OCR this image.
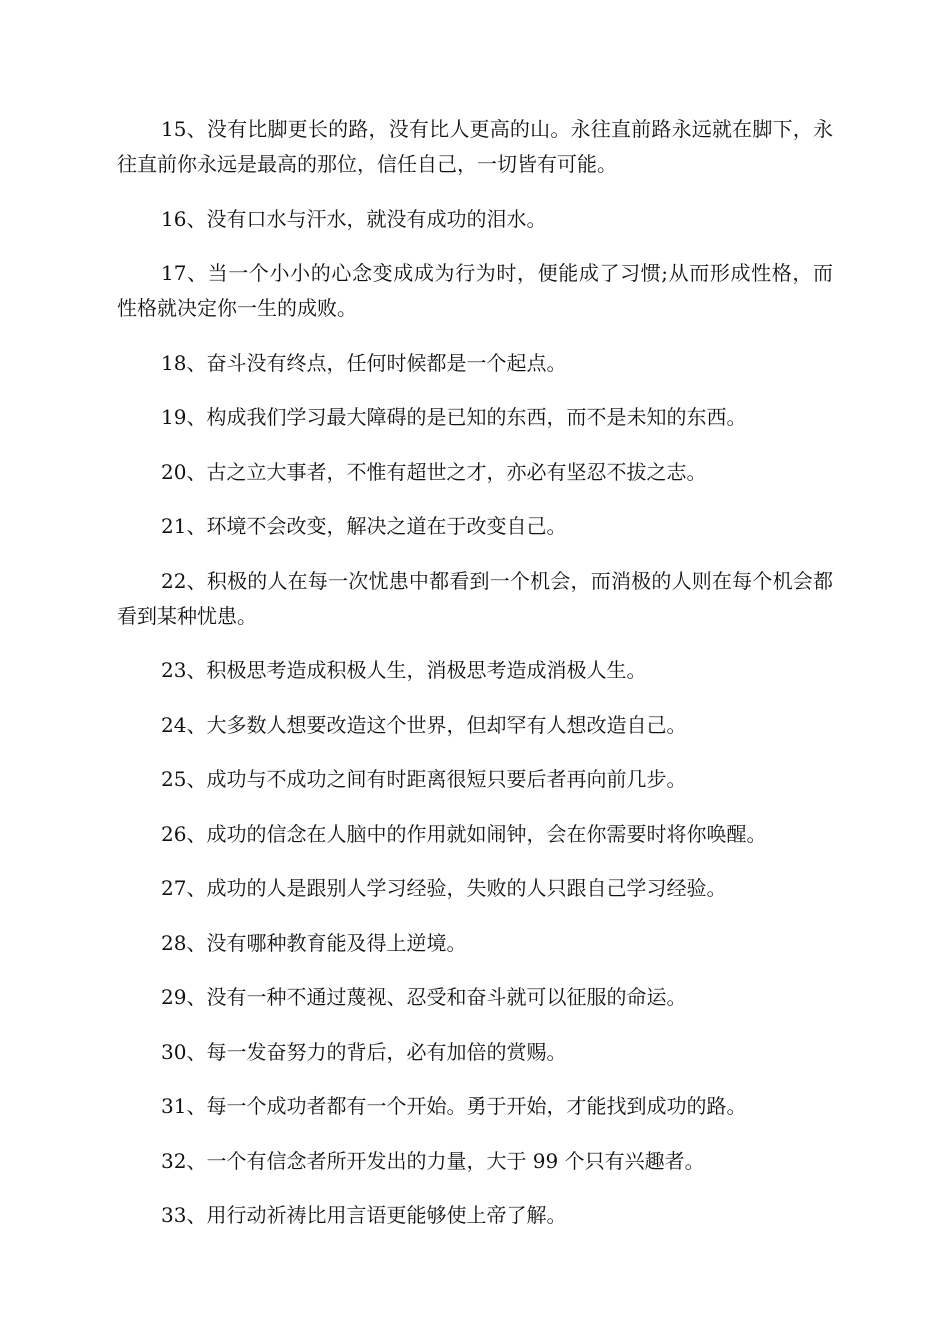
15、没有比脚更长的路，没有比人更高的山。永往直前路永远就在脚下，永往直前你永远是最高的那位，信任自己，一切皆有可能。

16、没有口水与汗水，就没有成功的泪水。

17、当一个小小的心念变成成为行为时，便能成了习惯;从而形成性格，而性格就决定你一生的成败。

18、奋斗没有终点，任何时候都是一个起点。

19、构成我们学习最大障碍的是已知的东西，而不是未知的东西。

20、古之立大事者，不惟有超世之才，亦必有坚忍不拔之志。

21、环境不会改变，解决之道在于改变自己。

22、积极的人在每一次忧患中都看到一个机会，而消极的人则在每个机会都看到某种忧患。

23、积极思考造成积极人生，消极思考造成消极人生。

24、大多数人想要改造这个世界，但却罕有人想改造自己。

25、成功与不成功之间有时距离很短只要后者再向前几步。

26、成功的信念在人脑中的作用就如闹钟，会在你需要时将你唤醒。

27、成功的人是跟别人学习经验，失败的人只跟自己学习经验。

28、没有哪种教育能及得上逆境。

29、没有一种不通过蔑视、忍受和奋斗就可以征服的命运。

30、每一发奋努力的背后，必有加倍的赏赐。

31、每一个成功者都有一个开始。勇于开始，才能找到成功的路。

32、一个有信念者所开发出的力量，大于 99 个只有兴趣者。

33、用行动祈祷比用言语更能够使上帝了解。
